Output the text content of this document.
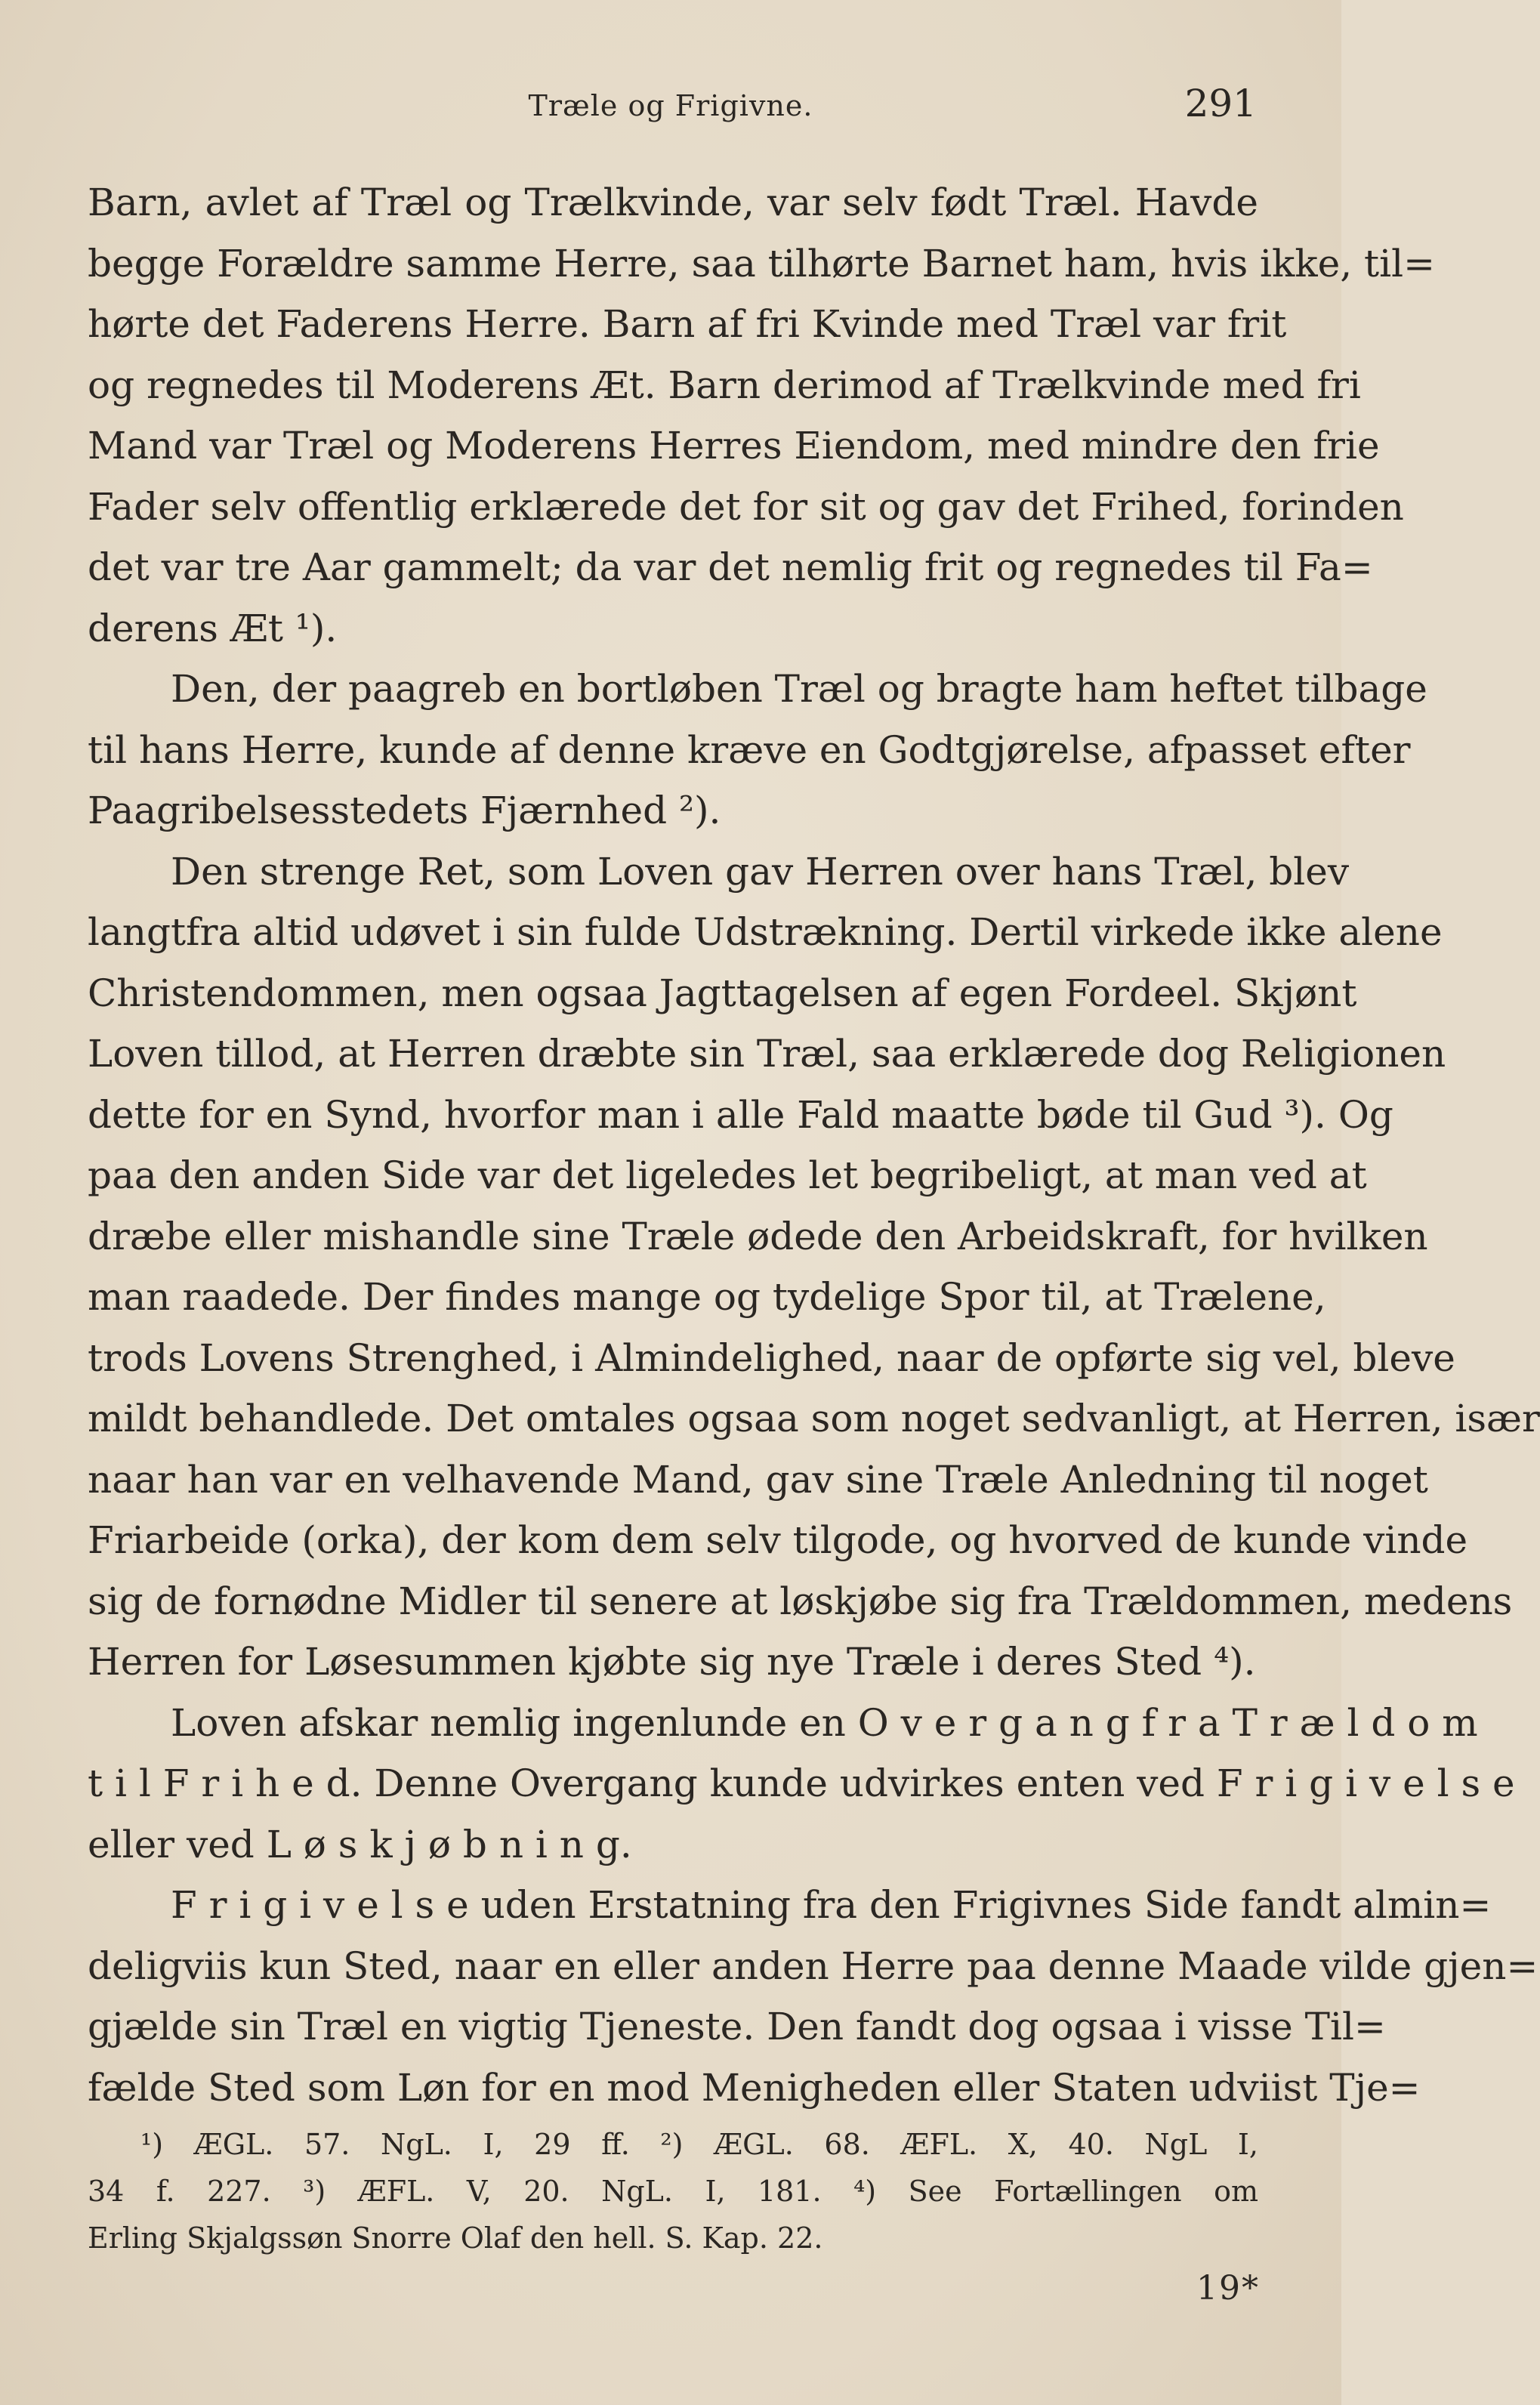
Træle og Frigivne.	291
Barn, avlet af Træl og Trælkvinde, var selv født Træl. Havde
begge Forældre samme Herre, saa tilhørte Barnet ham, hvis ikke, til=
hørte det Faderens Herre. Barn af fri Kvinde med Træl var frit
og regnedes til Moderens Æt. Barn derimod af Trælkvinde med fri
Mand var Træl og Moderens Herres Eiendom, med mindre den frie
Fader selv offentlig erklærede det for sit og gav det Frihed, forinden
det var tre Aar gammelt; da var det nemlig frit og regnedes til Fa=
derens Æt ¹).
Den, der paagreb en bortløben Træl og bragte ham heftet tilbage
til hans Herre, kunde af denne kræve en Godtgjørelse, afpasset efter
Paagribelsesstedets Fjærnhed ²).
Den strenge Ret, som Loven gav Herren over hans Træl, blev
langtfra altid udøvet i sin fulde Udstrækning. Dertil virkede ikke alene
Christendommen, men ogsaa Jagttagelsen af egen Fordeel. Skjønt
Loven tillod, at Herren dræbte sin Træl, saa erklærede dog Religionen
dette for en Synd, hvorfor man i alle Fald maatte bøde til Gud ³). Og
paa den anden Side var det ligeledes let begribeligt, at man ved at
dræbe eller mishandle sine Træle ødede den Arbeidskraft, for hvilken
man raadede. Der findes mange og tydelige Spor til, at Trælene,
trods Lovens Strenghed, i Almindelighed, naar de opførte sig vel, bleve
mildt behandlede. Det omtales ogsaa som noget sedvanligt, at Herren, især
naar han var en velhavende Mand, gav sine Træle Anledning til noget
Friarbeide (orka), der kom dem selv tilgode, og hvorved de kunde vinde
sig de fornødne Midler til senere at løskjøbe sig fra Trældommen, medens
Herren for Løsesummen kjøbte sig nye Træle i deres Sted ⁴).
Loven afskar nemlig ingenlunde en O v e r g a n g f r a T r æ l d o m
t i l F r i h e d. Denne Overgang kunde udvirkes enten ved F r i g i v e l s e
eller ved L ø s k j ø b n i n g.
F r i g i v e l s e uden Erstatning fra den Frigivnes Side fandt almin=
deligviis kun Sted, naar en eller anden Herre paa denne Maade vilde gjen=
gjælde sin Træl en vigtig Tjeneste. Den fandt dog ogsaa i visse Til=
fælde Sted som Løn for en mod Menigheden eller Staten udviist Tje=
¹) ÆGL. 57. NgL. I, 29 ff. ²) ÆGL. 68. ÆFL. X, 40. NgL I,
34 f. 227. ³) ÆFL. V, 20. NgL. I, 181. ⁴) See Fortællingen om
Erling Skjalgssøn Snorre Olaf den hell. S. Kap. 22.
19*
